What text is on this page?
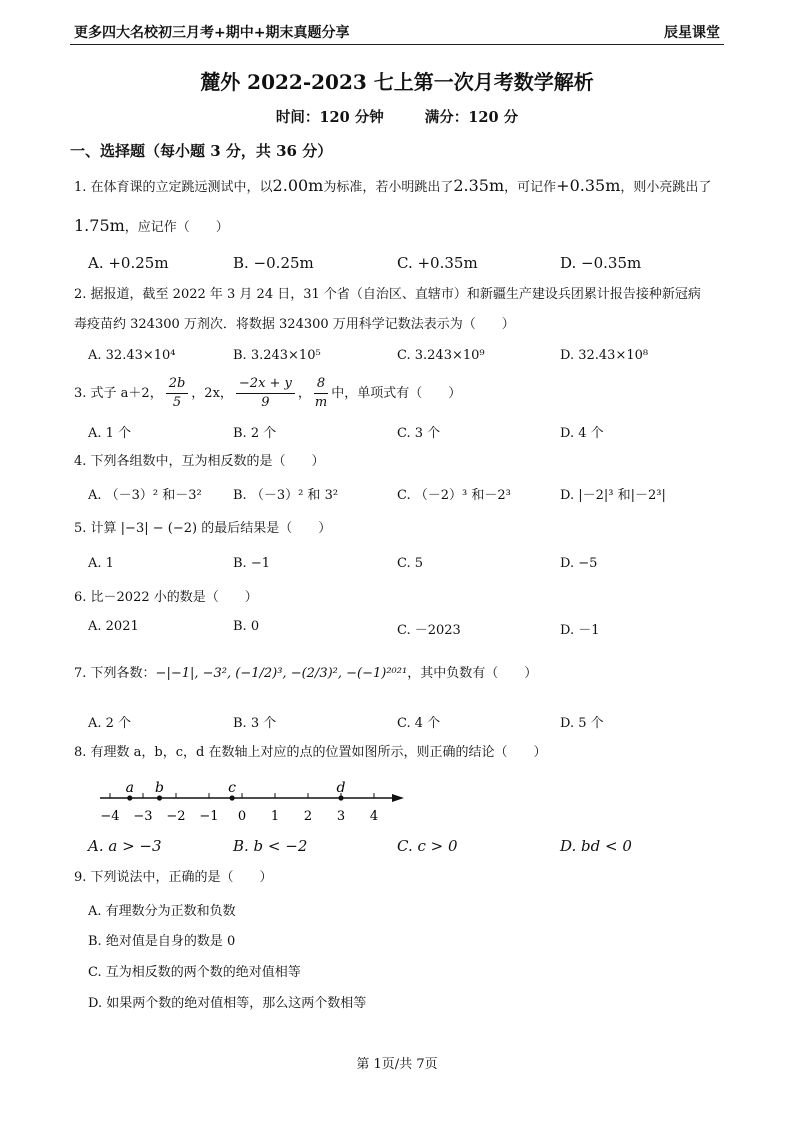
更多四大名校初三月考+期中+期末真题分享	辰星课堂
麓外 2022-2023 七上第一次月考数学解析
时间：120 分钟	满分：120 分
一、选择题（每小题 3 分，共 36 分）
1. 在体育课的立定跳远测试中，以2.00m为标准，若小明跳出了2.35m，可记作+0.35m，则小亮跳出了
1.75m，应记作（　　）
A. +0.25m	B. −0.25m	C. +0.35m	D. −0.35m
2. 据报道，截至 2022 年 3 月 24 日，31 个省（自治区、直辖市）和新疆生产建设兵团累计报告接种新冠病
毒疫苗约 324300 万剂次．将数据 324300 万用科学记数法表示为（　　）
A. 32.43×10⁴	B. 3.243×10⁵	C. 3.243×10⁹	D. 32.43×10⁸
3. 式子 a＋2， $\frac{2b}{5}$ ，2x， $\frac{-2x + y}{9}$ ， $\frac{8}{m}$ 中，单项式有（　　）
A. 1 个	B. 2 个	C. 3 个	D. 4 个
4. 下列各组数中，互为相反数的是（　　）
A. （－3）² 和－3² B. （－3）² 和 3²	C. （－2）³ 和－2³	D. |－2|³ 和|－2³|
5. 计算 |−3| − (−2) 的最后结果是（　　）
A. 1	B. −1	C. 5	D. −5
6. 比－2022 小的数是（　　）
A. 2021	B. 0	C. －2023	D. －1
7. 下列各数：−|−1|, −3², (−1/2)³, −(2/3)², −(−1)²⁰²¹，其中负数有（　　）
A. 2 个	B. 3 个	C. 4 个	D. 5 个
8. 有理数 a，b，c，d 在数轴上对应的点的位置如图所示，则正确的结论（　　）
−4 −3 −2 −1 0 1 2 3 4
a b	c	d
A. a > −3	B. b < −2	C. c > 0	D. bd < 0
9. 下列说法中，正确的是（　　）
A. 有理数分为正数和负数
B. 绝对值是自身的数是 0
C. 互为相反数的两个数的绝对值相等
D. 如果两个数的绝对值相等，那么这两个数相等
第 1页/共 7页
